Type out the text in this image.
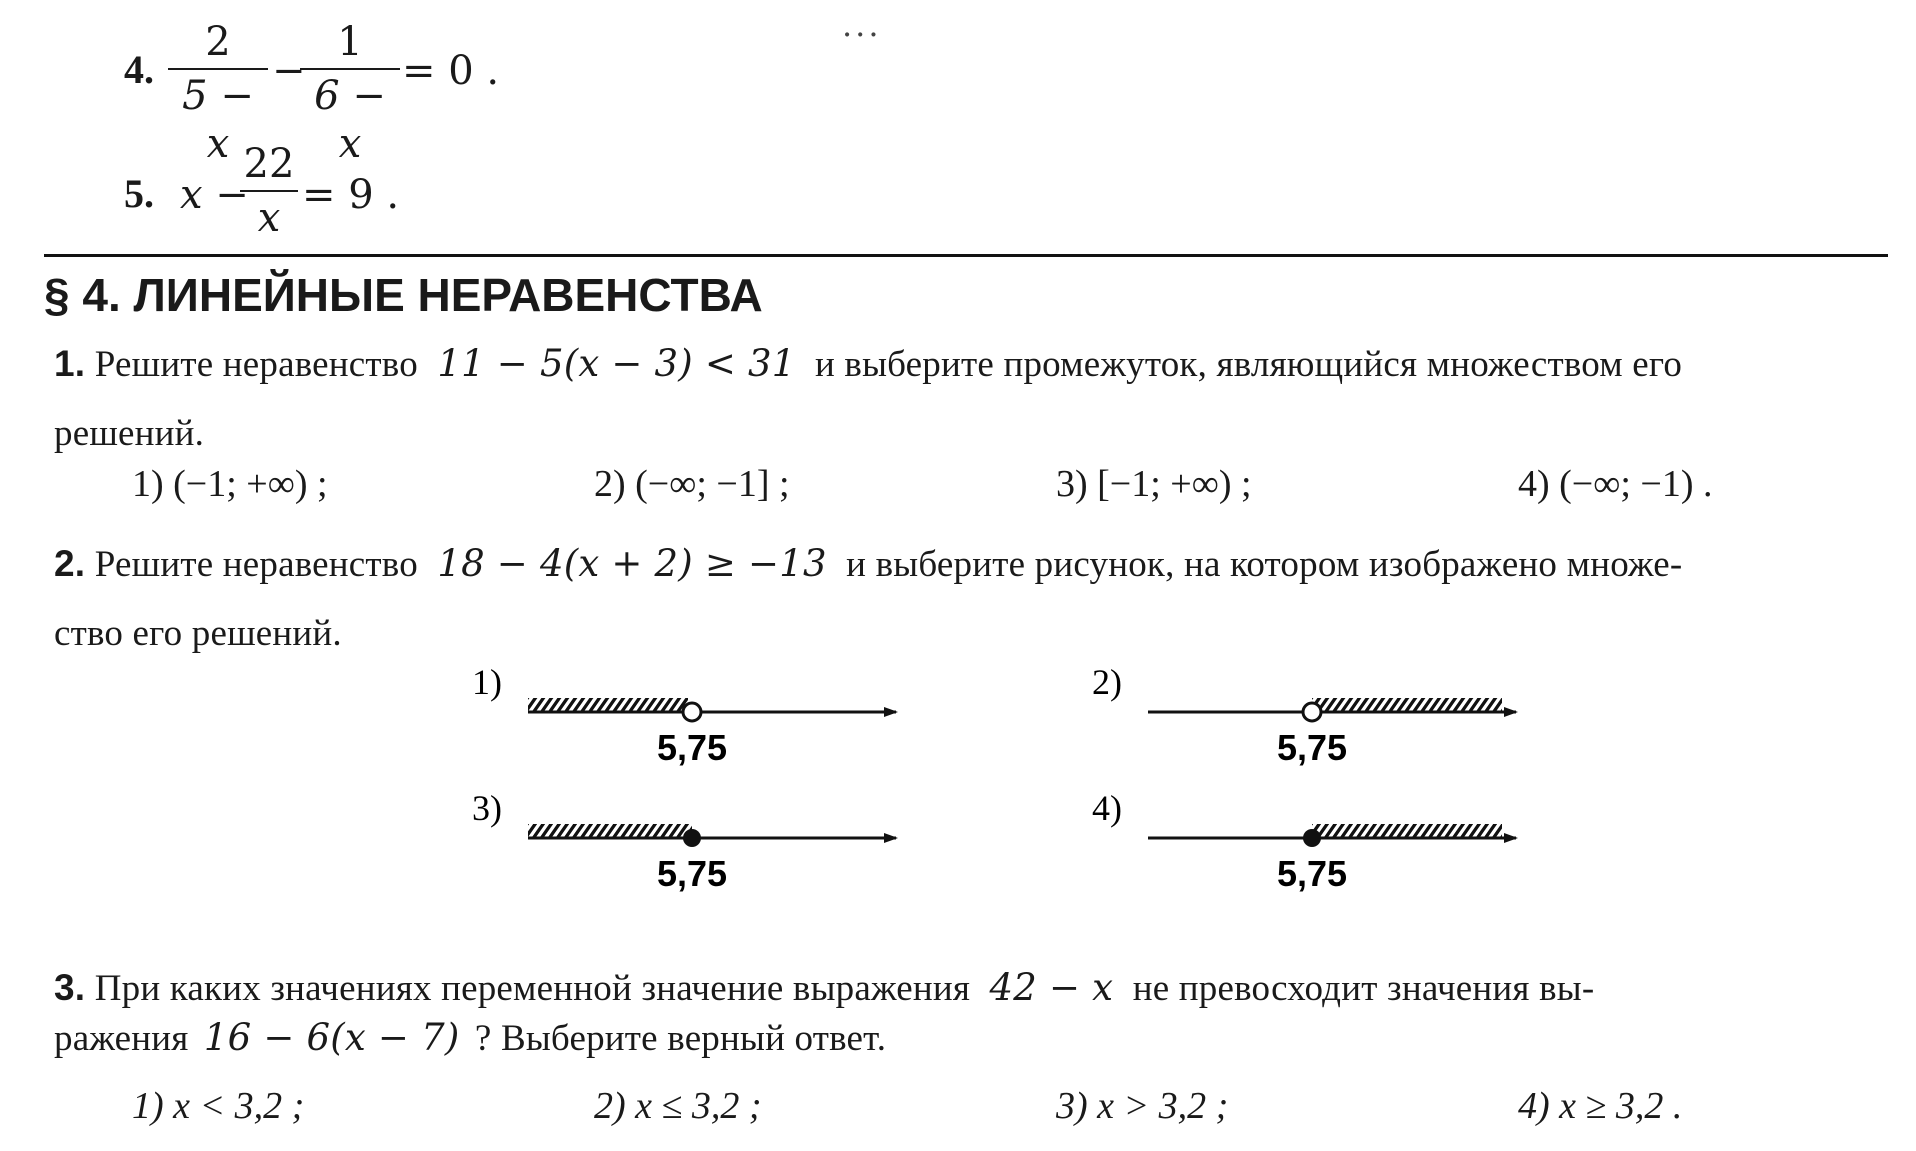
...
4.
2
5 − x
−
1
6 − x
= 0 .
5. x −
22
x = 9 .
§ 4. ЛИНЕЙНЫЕ НЕРАВЕНСТВА
1. Решите неравенство 11 − 5(x − 3) < 31 и выберите промежуток, являющийся множеством его
решений.
1) (−1; +∞) ;	2) (−∞; −1] ;	3) [−1; +∞) ;	4) (−∞; −1) .
2. Решите неравенство 18 − 4(x + 2) ≥ −13 и выберите рисунок, на котором изображено множе-
ство его решений.
1)
5,75
2)
5,75
3)
5,75
4)
5,75
3. При каких значениях переменной значение выражения 42 − x не превосходит значения вы-
ражения 16 − 6(x − 7) ? Выберите верный ответ.
1) x < 3,2 ;	2) x ≤ 3,2 ;	3) x > 3,2 ;	4) x ≥ 3,2 .
